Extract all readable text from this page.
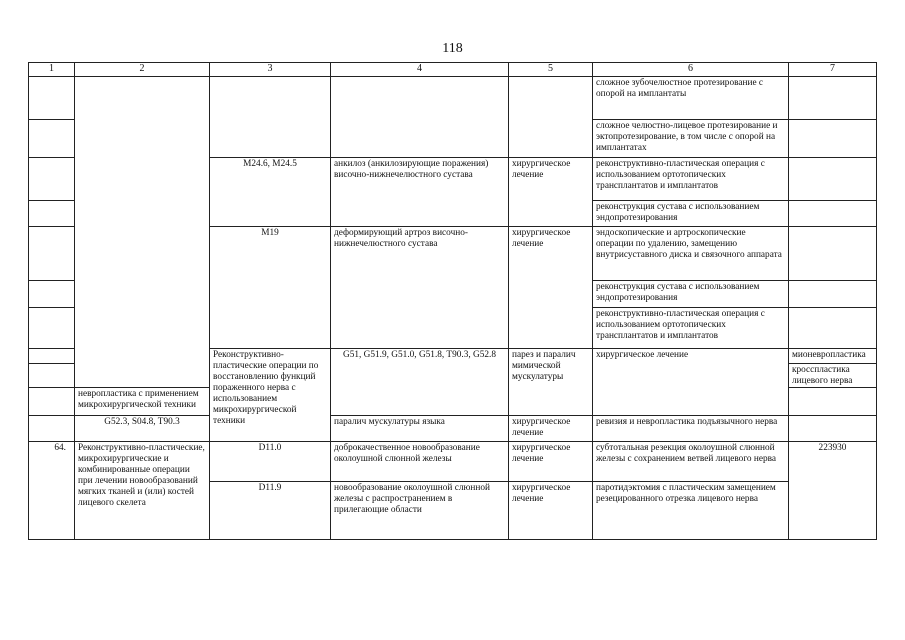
118
1	2	3	4	5	6	7	
					сложное зубочелюстное протезирование с опорой на имплантаты		
					сложное челюстно-лицевое протезирование и эктопротезирование, в том числе с опорой на имплантатах		
		M24.6, M24.5	анкилоз (анкилозирующие поражения) височно-нижнечелюстного сустава	хирургическое лечение	реконструктивно-пластическая операция с использованием ортотопических трансплантатов и имплантатов		
					реконструкция сустава с использованием эндопротезирования		
		M19	деформирующий артроз височно-нижнечелюстного сустава	хирургическое лечение	эндоскопические и артроскопические операции по удалению, замещению внутрисуставного диска и связочного аппарата		
					реконструкция сустава с использованием эндопротезирования		
					реконструктивно-пластическая операция с использованием ортотопических трансплантатов и имплантатов		
		Реконструктивно-пластические операции по восстановлению функций пораженного нерва с использованием микрохирургической техники	G51, G51.9, G51.0, G51.8, T90.3, G52.8	парез и паралич мимической мускулатуры	хирургическое лечение	мионевропластика	
						кросспластика лицевого нерва	
	невропластика с применением микрохирургической техники						
	G52.3, S04.8, T90.3		паралич мускулатуры языка	хирургическое лечение	ревизия и невропластика подъязычного нерва		
64.	Реконструктивно-пластические, микрохирургические и комбинированные операции при лечении новообразований мягких тканей и (или) костей лицевого скелета	D11.0	доброкачественное новообразование околоушной слюнной железы	хирургическое лечение	субтотальная резекция околоушной слюнной железы с сохранением ветвей лицевого нерва	223930	
		D11.9	новообразование околоушной слюнной железы с распространением в прилегающие области	хирургическое лечение	паротидэктомия с пластическим замещением резецированного отрезка лицевого нерва		
